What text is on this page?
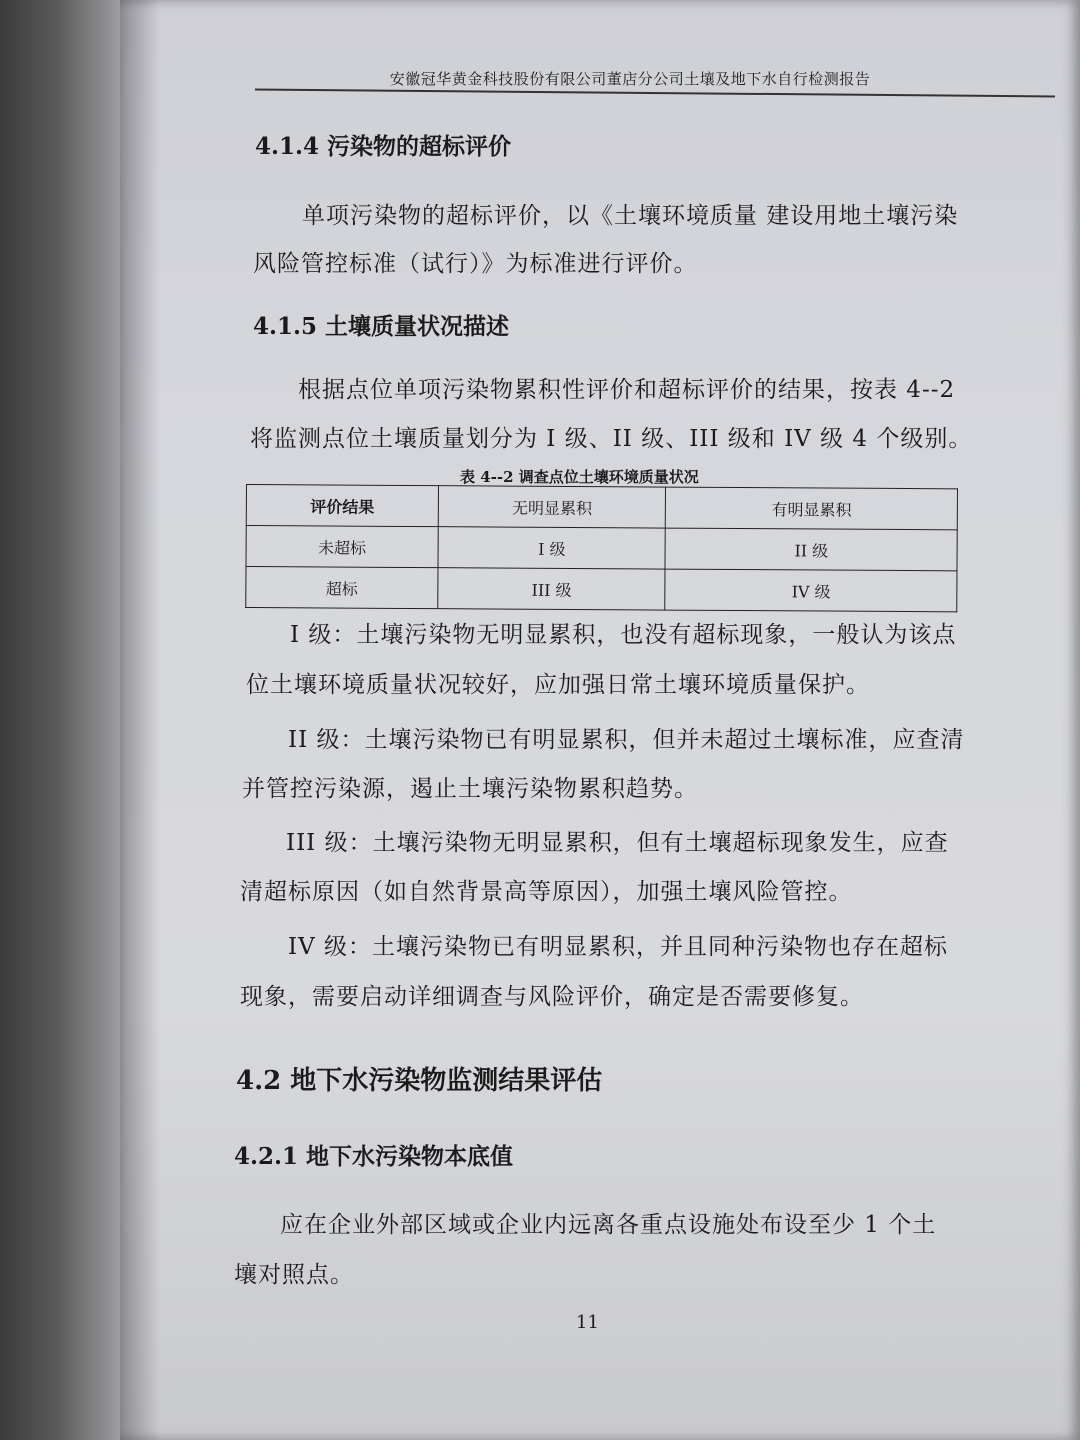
安徽冠华黄金科技股份有限公司董店分公司土壤及地下水自行检测报告
4.1.4 污染物的超标评价
单项污染物的超标评价，以《土壤环境质量 建设用地土壤污染
风险管控标准（试行）》为标准进行评价。
4.1.5 土壤质量状况描述
根据点位单项污染物累积性评价和超标评价的结果，按表 4--2
将监测点位土壤质量划分为 I 级、II 级、III 级和 IV 级 4 个级别。
表 4--2 调查点位土壤环境质量状况
评价结果	无明显累积	有明显累积
未超标	I 级	II 级
超标	III 级	IV 级
I 级：土壤污染物无明显累积，也没有超标现象，一般认为该点
位土壤环境质量状况较好，应加强日常土壤环境质量保护。
II 级：土壤污染物已有明显累积，但并未超过土壤标准，应查清
并管控污染源，遏止土壤污染物累积趋势。
III 级：土壤污染物无明显累积，但有土壤超标现象发生，应查
清超标原因（如自然背景高等原因），加强土壤风险管控。
IV 级：土壤污染物已有明显累积，并且同种污染物也存在超标
现象，需要启动详细调查与风险评价，确定是否需要修复。
4.2 地下水污染物监测结果评估
4.2.1 地下水污染物本底值
应在企业外部区域或企业内远离各重点设施处布设至少 1 个土
壤对照点。
11
